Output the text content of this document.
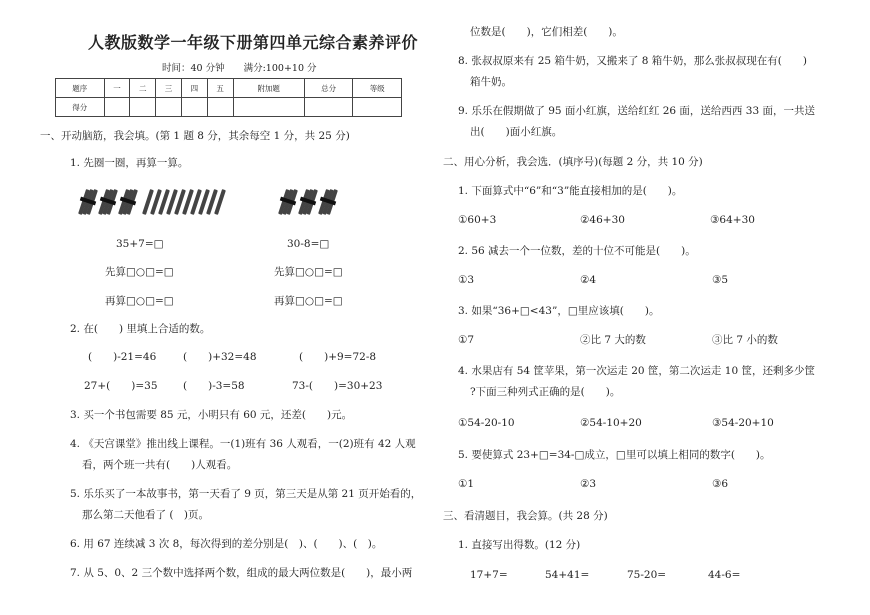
人教版数学一年级下册第四单元综合素养评价
时间：40 分钟　　满分:100+10 分
题序	一	二	三	四	五	附加题	总分	等级
得分								
一、开动脑筋，我会填。(第 1 题 8 分，其余每空 1 分，共 25 分)
1. 先圈一圈，再算一算。
35+7=□	30-8=□
先算□○□=□	先算□○□=□
再算□○□=□	再算□○□=□
2. 在(　　) 里填上合适的数。
(　　)-21=46	(　　)+32=48	(　　)+9=72-8
27+(　　)=35 (　　)-3=58	73-(　　)=30+23
3. 买一个书包需要 85 元，小明只有 60 元，还差(　　)元。
4. 《天宫课堂》推出线上课程。一(1)班有 36 人观看，一(2)班有 42 人观
看，两个班一共有(　　)人观看。
5. 乐乐买了一本故事书，第一天看了 9 页，第三天是从第 21 页开始看的，
那么第二天他看了 (　)页。
6. 用 67 连续减 3 次 8，每次得到的差分别是(　)、(　　)、(　)。
7. 从 5、0、2 三个数中选择两个数，组成的最大两位数是(　　)，最小两
位数是(　　)，它们相差(　　)。
8. 张叔叔原来有 25 箱牛奶，又搬来了 8 箱牛奶，那么张叔叔现在有(　　)
箱牛奶。
9. 乐乐在假期做了 95 面小红旗，送给红红 26 面，送给西西 33 面，一共送
出(　　)面小红旗。
二、用心分析，我会选．(填序号)(每题 2 分，共 10 分)
1. 下面算式中“6”和“3”能直接相加的是(　　)。
①60+3	②46+30	③64+30
2. 56 减去一个一位数，差的十位不可能是(　　)。
①3	②4	③5
3. 如果“36+□<43”，□里应该填(　　)。
①7	②比 7 大的数	③比 7 小的数
4. 水果店有 54 筐苹果，第一次运走 20 筐，第二次运走 10 筐，还剩多少筐
?下面三种列式正确的是(　　)。
①54-20-10	②54-10+20	③54-20+10
5. 要使算式 23+□=34-□成立，□里可以填上相同的数字(　　)。
①1	②3	③6
三、看清题目，我会算。(共 28 分)
1. 直接写出得数。(12 分)
17+7=	54+41=	75-20=	44-6=
